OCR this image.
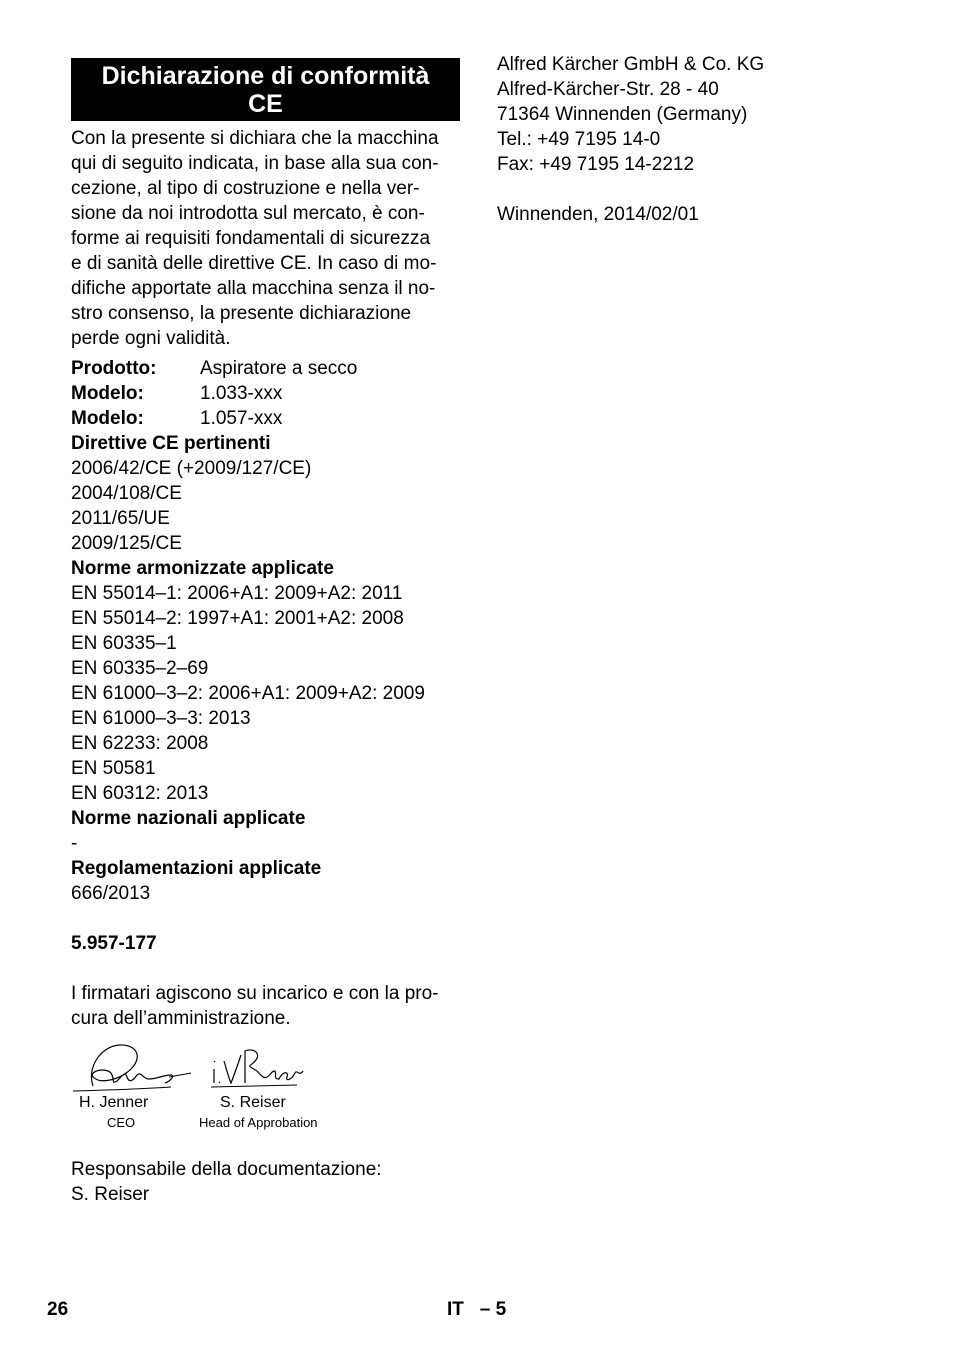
Dichiarazione di conformità
CE
Con la presente si dichiara che la macchina
qui di seguito indicata, in base alla sua con-
cezione, al tipo di costruzione e nella ver-
sione da noi introdotta sul mercato, è con-
forme ai requisiti fondamentali di sicurezza
e di sanità delle direttive CE. In caso di mo-
difiche apportate alla macchina senza il no-
stro consenso, la presente dichiarazione
perde ogni validità.
Prodotto: Aspiratore a secco
Modelo:	1.033-xxx
Modelo:	1.057-xxx
Direttive CE pertinenti
2006/42/CE (+2009/127/CE)
2004/108/CE
2011/65/UE
2009/125/CE
Norme armonizzate applicate
EN 55014–1: 2006+A1: 2009+A2: 2011
EN 55014–2: 1997+A1: 2001+A2: 2008
EN 60335–1
EN 60335–2–69
EN 61000–3–2: 2006+A1: 2009+A2: 2009
EN 61000–3–3: 2013
EN 62233: 2008
EN 50581
EN 60312: 2013
Norme nazionali applicate
-
Regolamentazioni applicate
666/2013
5.957-177
I firmatari agiscono su incarico e con la pro-
cura dell’amministrazione.
H. Jenner
CEO
S. Reiser
Head of Approbation
Responsabile della documentazione:
S. Reiser
Alfred Kärcher GmbH & Co. KG
Alfred-Kärcher-Str. 28 - 40
71364 Winnenden (Germany)
Tel.: +49 7195 14-0
Fax: +49 7195 14-2212
Winnenden, 2014/02/01
26	IT   – 5
